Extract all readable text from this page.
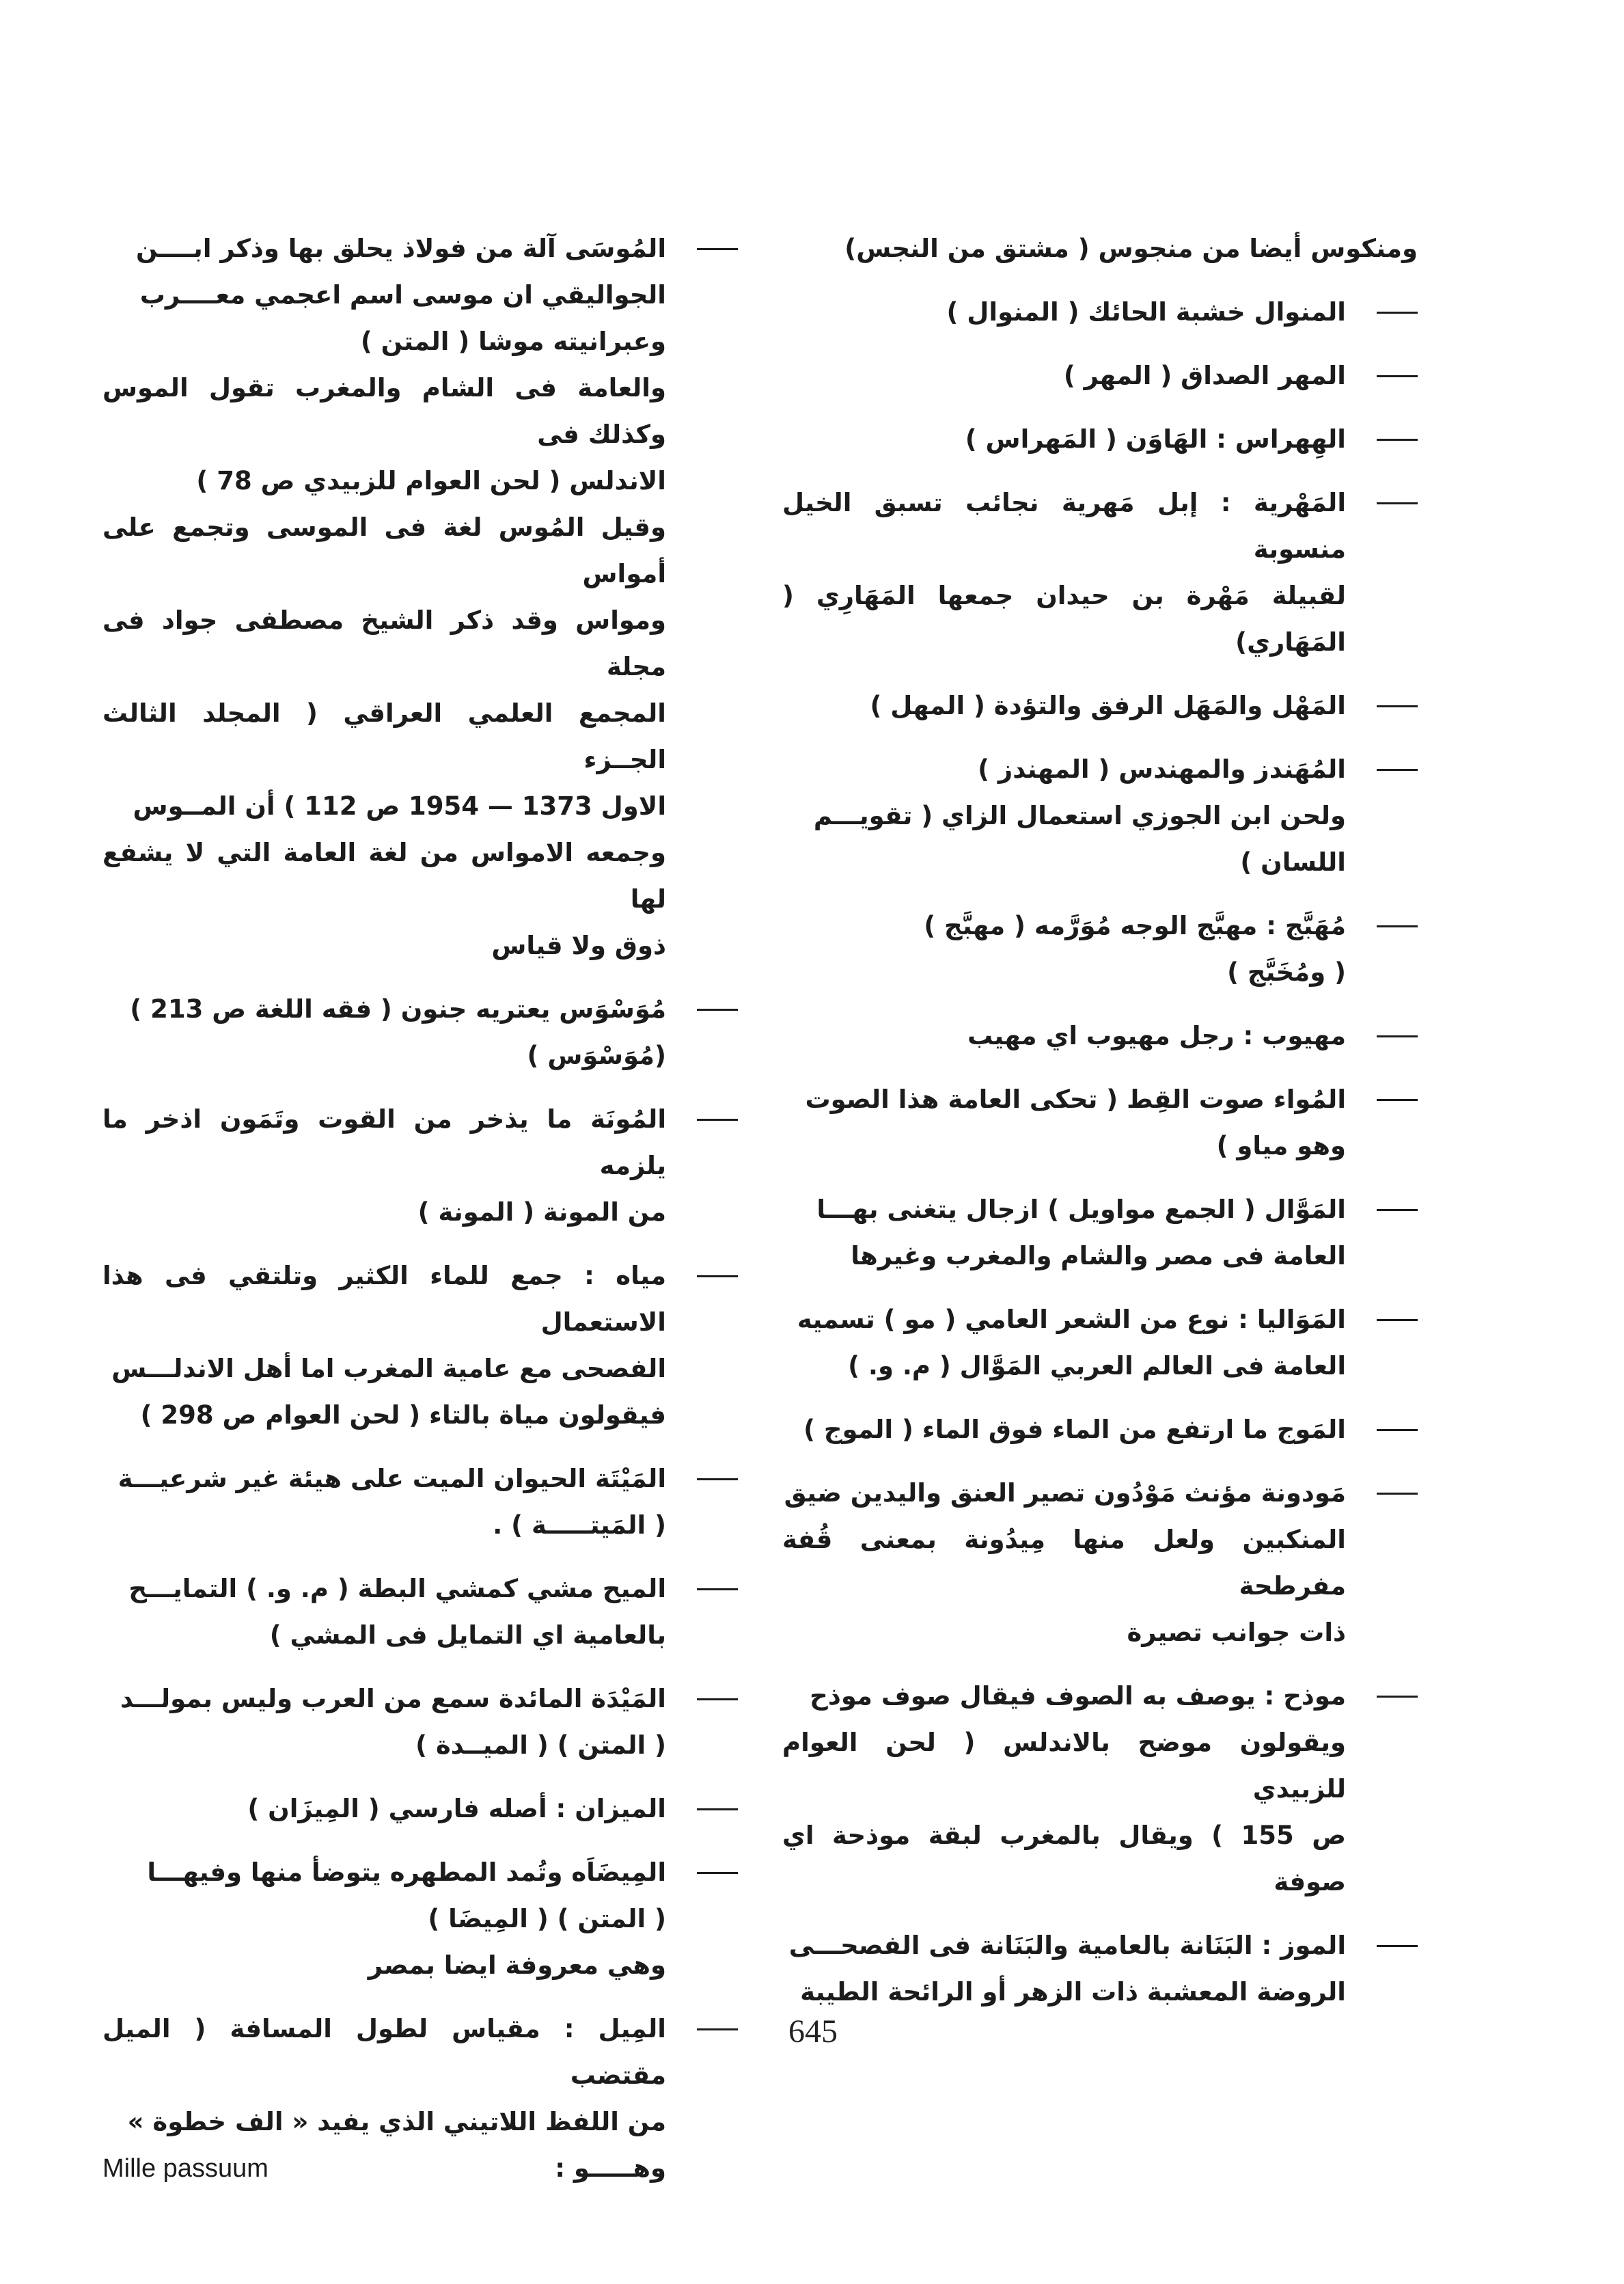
ومنكوس أيضا من منجوس ( مشتق من النجس)
المنوال خشبة الحائك ( المنوال )
المهر الصداق ( المهر )
الهِهراس : الهَاوَن ( المَهراس )
المَهْرية : إبل مَهرية نجائب تسبق الخيل منسوبة
لقبيلة مَهْرة بن حيدان جمعها المَهَارِي ( المَهَاري)
المَهْل والمَهَل الرفق والتؤدة ( المهل )
المُهَندز والمهندس ( المهندز )
ولحن ابن الجوزي استعمال الزاي ( تقويـــم
اللسان )
مُهَبَّج : مهبَّج الوجه مُوَرَّمه ( مهبَّج )
( ومُخَبَّج )
مهيوب : رجل مهيوب اي مهيب
المُواء صوت القِط ( تحكى العامة هذا الصوت
وهو مياو )
المَوَّال ( الجمع مواويل ) ازجال يتغنى بهـــا
العامة فى مصر والشام والمغرب وغيرها
المَوَاليا : نوع من الشعر العامي ( مو ) تسميه
العامة فى العالم العربي المَوَّال ( م. و. )
المَوج ما ارتفع من الماء فوق الماء ( الموج )
مَودونة مؤنث مَوْدُون تصير العنق واليدين ضيق
المنكبين ولعل منها مِيدُونة بمعنى قُفة مفرطحة
ذات جوانب تصيرة
موذح : يوصف به الصوف فيقال صوف موذح
ويقولون موضح بالاندلس ( لحن العوام للزبيدي
ص 155 ) ويقال بالمغرب لبقة موذحة اي صوفة
الموز : البَنَانة بالعامية والبَنَانة فى الفصحـــى
الروضة المعشبة ذات الزهر أو الرائحة الطيبة
المُوسَى آلة من فولاذ يحلق بها وذكر ابــــن
الجواليقي ان موسى اسم اعجمي معــــرب
وعبرانيته موشا ( المتن )
والعامة فى الشام والمغرب تقول الموس وكذلك فى
الاندلس ( لحن العوام للزبيدي ص 78 )
وقيل المُوس لغة فى الموسى وتجمع على أمواس
ومواس وقد ذكر الشيخ مصطفى جواد فى مجلة
المجمع العلمي العراقي ( المجلد الثالث الجــزء
الاول 1373 — 1954 ص 112 ) أن المــوس
وجمعه الامواس من لغة العامة التي لا يشفع لها
ذوق ولا قياس
مُوَسْوَس يعتريه جنون ( فقه اللغة ص 213 )
(مُوَسْوَس )
المُونَة ما يذخر من القوت وتَمَون اذخر ما يلزمه
من المونة ( المونة )
مياه : جمع للماء الكثير وتلتقي فى هذا الاستعمال
الفصحى مع عامية المغرب اما أهل الاندلـــس
فيقولون مياة بالتاء ( لحن العوام ص 298 )
المَيْتَة الحيوان الميت على هيئة غير شرعيـــة
( المَيتـــــة ) .
الميح مشي كمشي البطة ( م. و. ) التمايـــح
بالعامية اي التمايل فى المشي )
المَيْدَة المائدة سمع من العرب وليس بمولـــد
( المتن ) ( الميــدة )
الميزان : أصله فارسي ( المِيزَان )
المِيضَاَه وتُمد المطهره يتوضأ منها وفيهـــا
( المتن ) ( المِيضَا )
وهي معروفة ايضا بمصر
المِيل : مقياس لطول المسافة ( الميل مقتضب
من اللفظ اللاتيني الذي يفيد « الف خطوة »
وهـــــو :
Mille passuum
645
